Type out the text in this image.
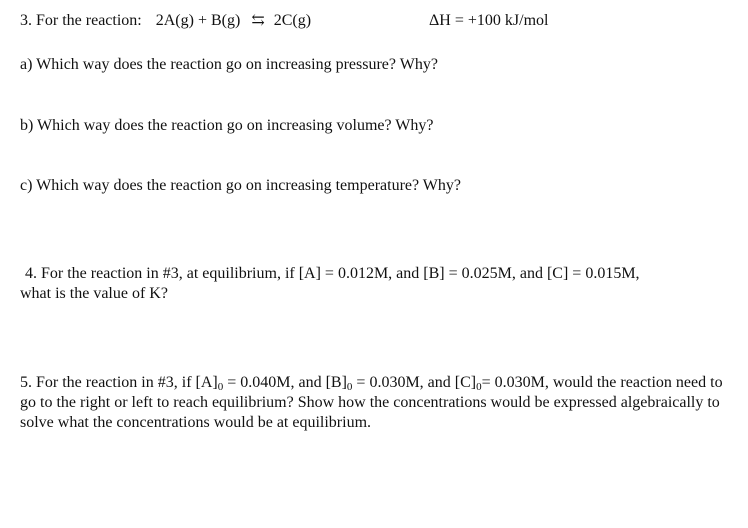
3. For the reaction: 2A(g) + B(g) ⇆ 2C(g)	ΔH = +100 kJ/mol
a) Which way does the reaction go on increasing pressure? Why?
b) Which way does the reaction go on increasing volume? Why?
c) Which way does the reaction go on increasing temperature? Why?
4. For the reaction in #3, at equilibrium, if [A] = 0.012M, and [B] = 0.025M, and [C] = 0.015M,
what is the value of K?
5. For the reaction in #3, if $[A]_0 = 0.040M$, and $[B]_0 = 0.030M$, and $[C]_0= 0.030M$, would the reaction need to go to the right or left to reach equilibrium? Show how the concentrations would be expressed algebraically to solve what the concentrations would be at equilibrium.
